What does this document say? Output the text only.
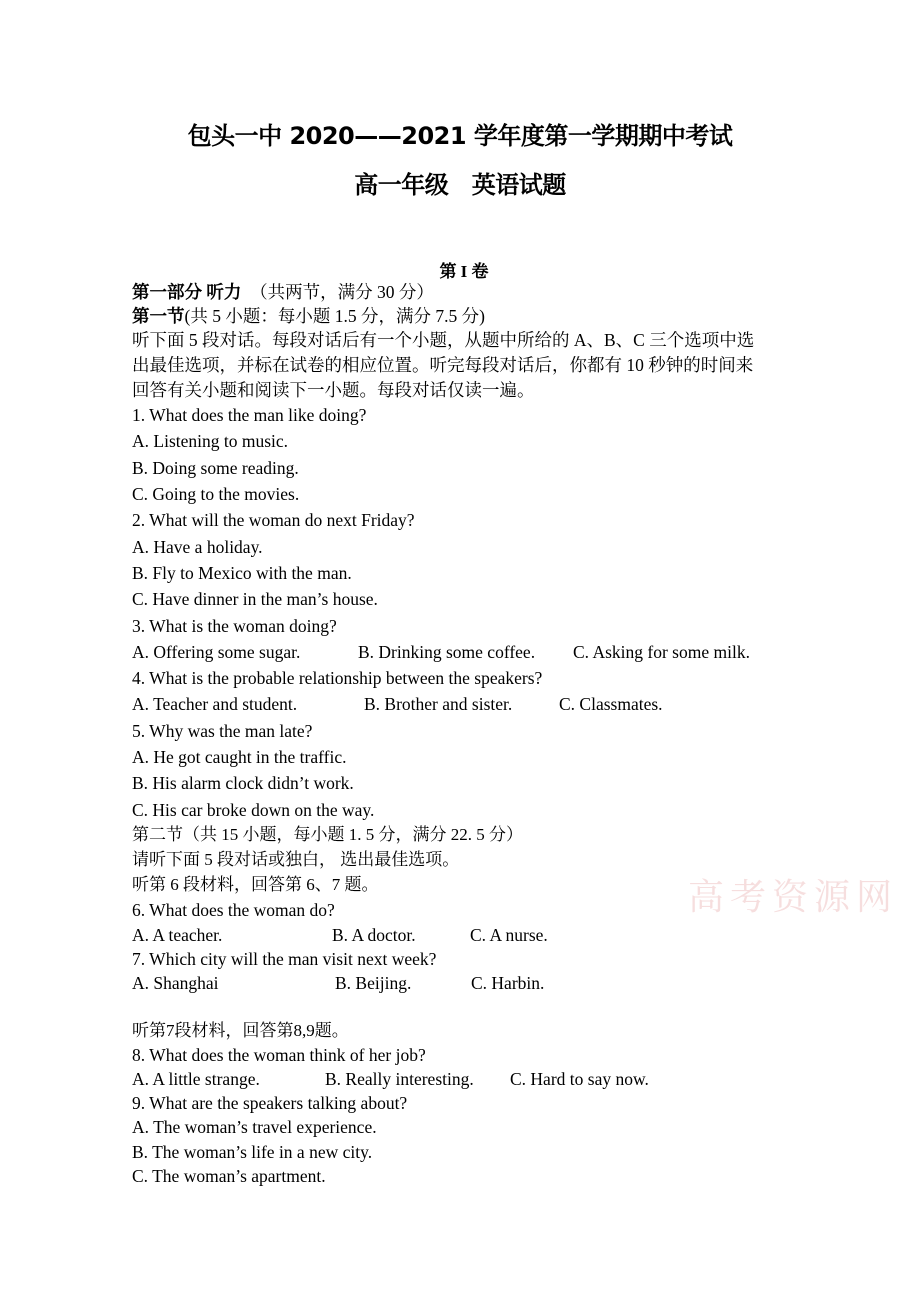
包头一中 2020——2021 学年度第一学期期中考试
高一年级　英语试题
第 I 卷
第一部分 听力 （共两节，满分 30 分）
第一节(共 5 小题：每小题 1.5 分，满分 7.5 分)
听下面 5 段对话。每段对话后有一个小题，从题中所给的 A、B、C 三个选项中选
出最佳选项，并标在试卷的相应位置。听完每段对话后，你都有 10 秒钟的时间来
回答有关小题和阅读下一小题。每段对话仅读一遍。
1. What does the man like doing?
A. Listening to music.
B. Doing some reading.
C. Going to the movies.
2. What will the woman do next Friday?
A. Have a holiday.
B. Fly to Mexico with the man.
C. Have dinner in the man’s house.
3. What is the woman doing?
A. Offering some sugar.	B. Drinking some coffee. C. Asking for some milk.
4. What is the probable relationship between the speakers?
A. Teacher and student.	B. Brother and sister.	C. Classmates.
5. Why was the man late?
A. He got caught in the traffic.
B. His alarm clock didn’t work.
C. His car broke down on the way.
第二节（共 15 小题，每小题 1. 5 分，满分 22. 5 分）
请听下面 5 段对话或独白， 选出最佳选项。
听第 6 段材料，回答第 6、7 题。
6. What does the woman do?
A. A teacher.	B. A doctor.	C. A nurse.
7. Which city will the man visit next week?
A. Shanghai	B. Beijing.	C. Harbin.
听第7段材料，回答第8,9题。
8. What does the woman think of her job?
A. A little strange.	B. Really interesting. C. Hard to say now.
9. What are the speakers talking about?
A. The woman’s travel experience.
B. The woman’s life in a new city.
C. The woman’s apartment.
高考资源网
